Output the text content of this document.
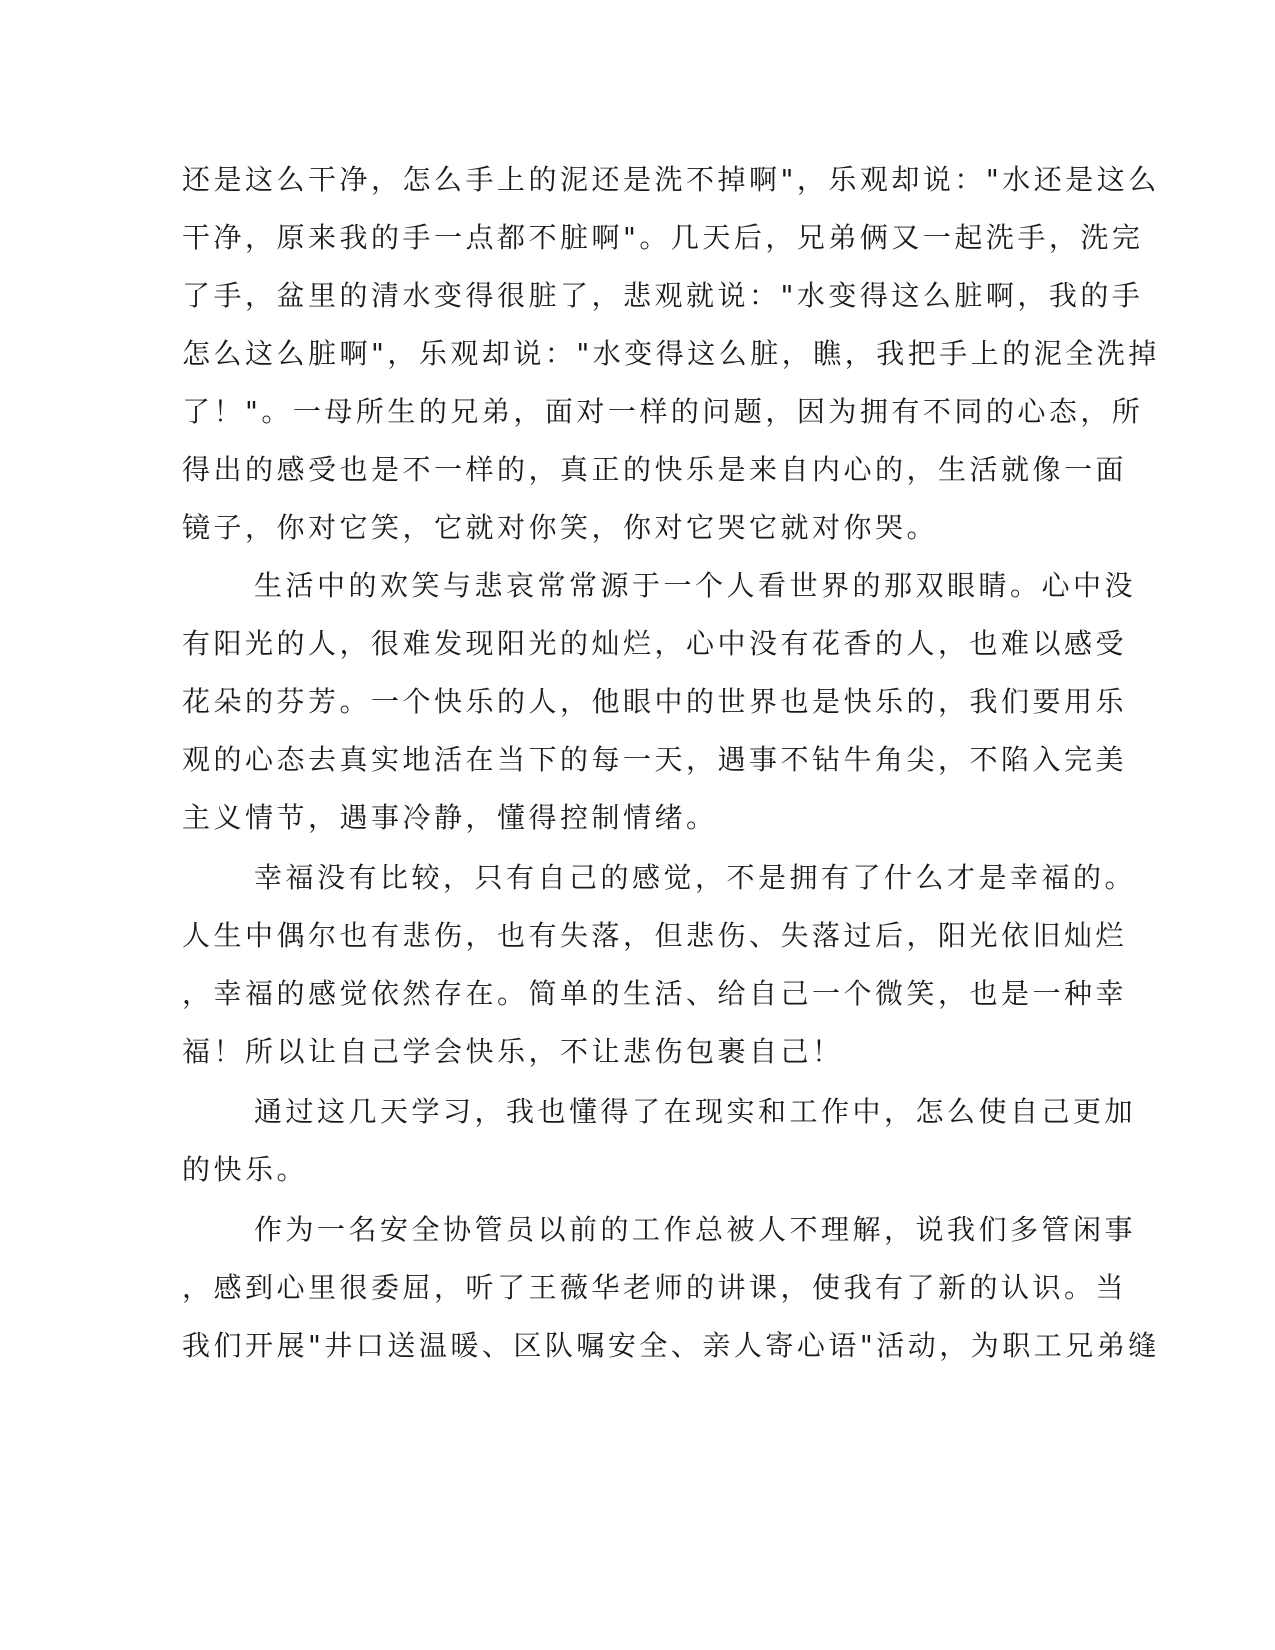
还是这么干净，怎么手上的泥还是洗不掉啊"，乐观却说："水还是这么
干净，原来我的手一点都不脏啊"。几天后，兄弟俩又一起洗手，洗完
了手，盆里的清水变得很脏了，悲观就说："水变得这么脏啊，我的手
怎么这么脏啊"，乐观却说："水变得这么脏，瞧，我把手上的泥全洗掉
了！"。一母所生的兄弟，面对一样的问题，因为拥有不同的心态，所
得出的感受也是不一样的，真正的快乐是来自内心的，生活就像一面
镜子，你对它笑，它就对你笑，你对它哭它就对你哭。
生活中的欢笑与悲哀常常源于一个人看世界的那双眼睛。心中没
有阳光的人，很难发现阳光的灿烂，心中没有花香的人，也难以感受
花朵的芬芳。一个快乐的人，他眼中的世界也是快乐的，我们要用乐
观的心态去真实地活在当下的每一天，遇事不钻牛角尖，不陷入完美
主义情节，遇事冷静，懂得控制情绪。
幸福没有比较，只有自己的感觉，不是拥有了什么才是幸福的。
人生中偶尔也有悲伤，也有失落，但悲伤、失落过后，阳光依旧灿烂
，幸福的感觉依然存在。简单的生活、给自己一个微笑，也是一种幸
福！所以让自己学会快乐，不让悲伤包裹自己！
通过这几天学习，我也懂得了在现实和工作中，怎么使自己更加
的快乐。
作为一名安全协管员以前的工作总被人不理解，说我们多管闲事
，感到心里很委屈，听了王薇华老师的讲课，使我有了新的认识。当
我们开展"井口送温暖、区队嘱安全、亲人寄心语"活动，为职工兄弟缝
